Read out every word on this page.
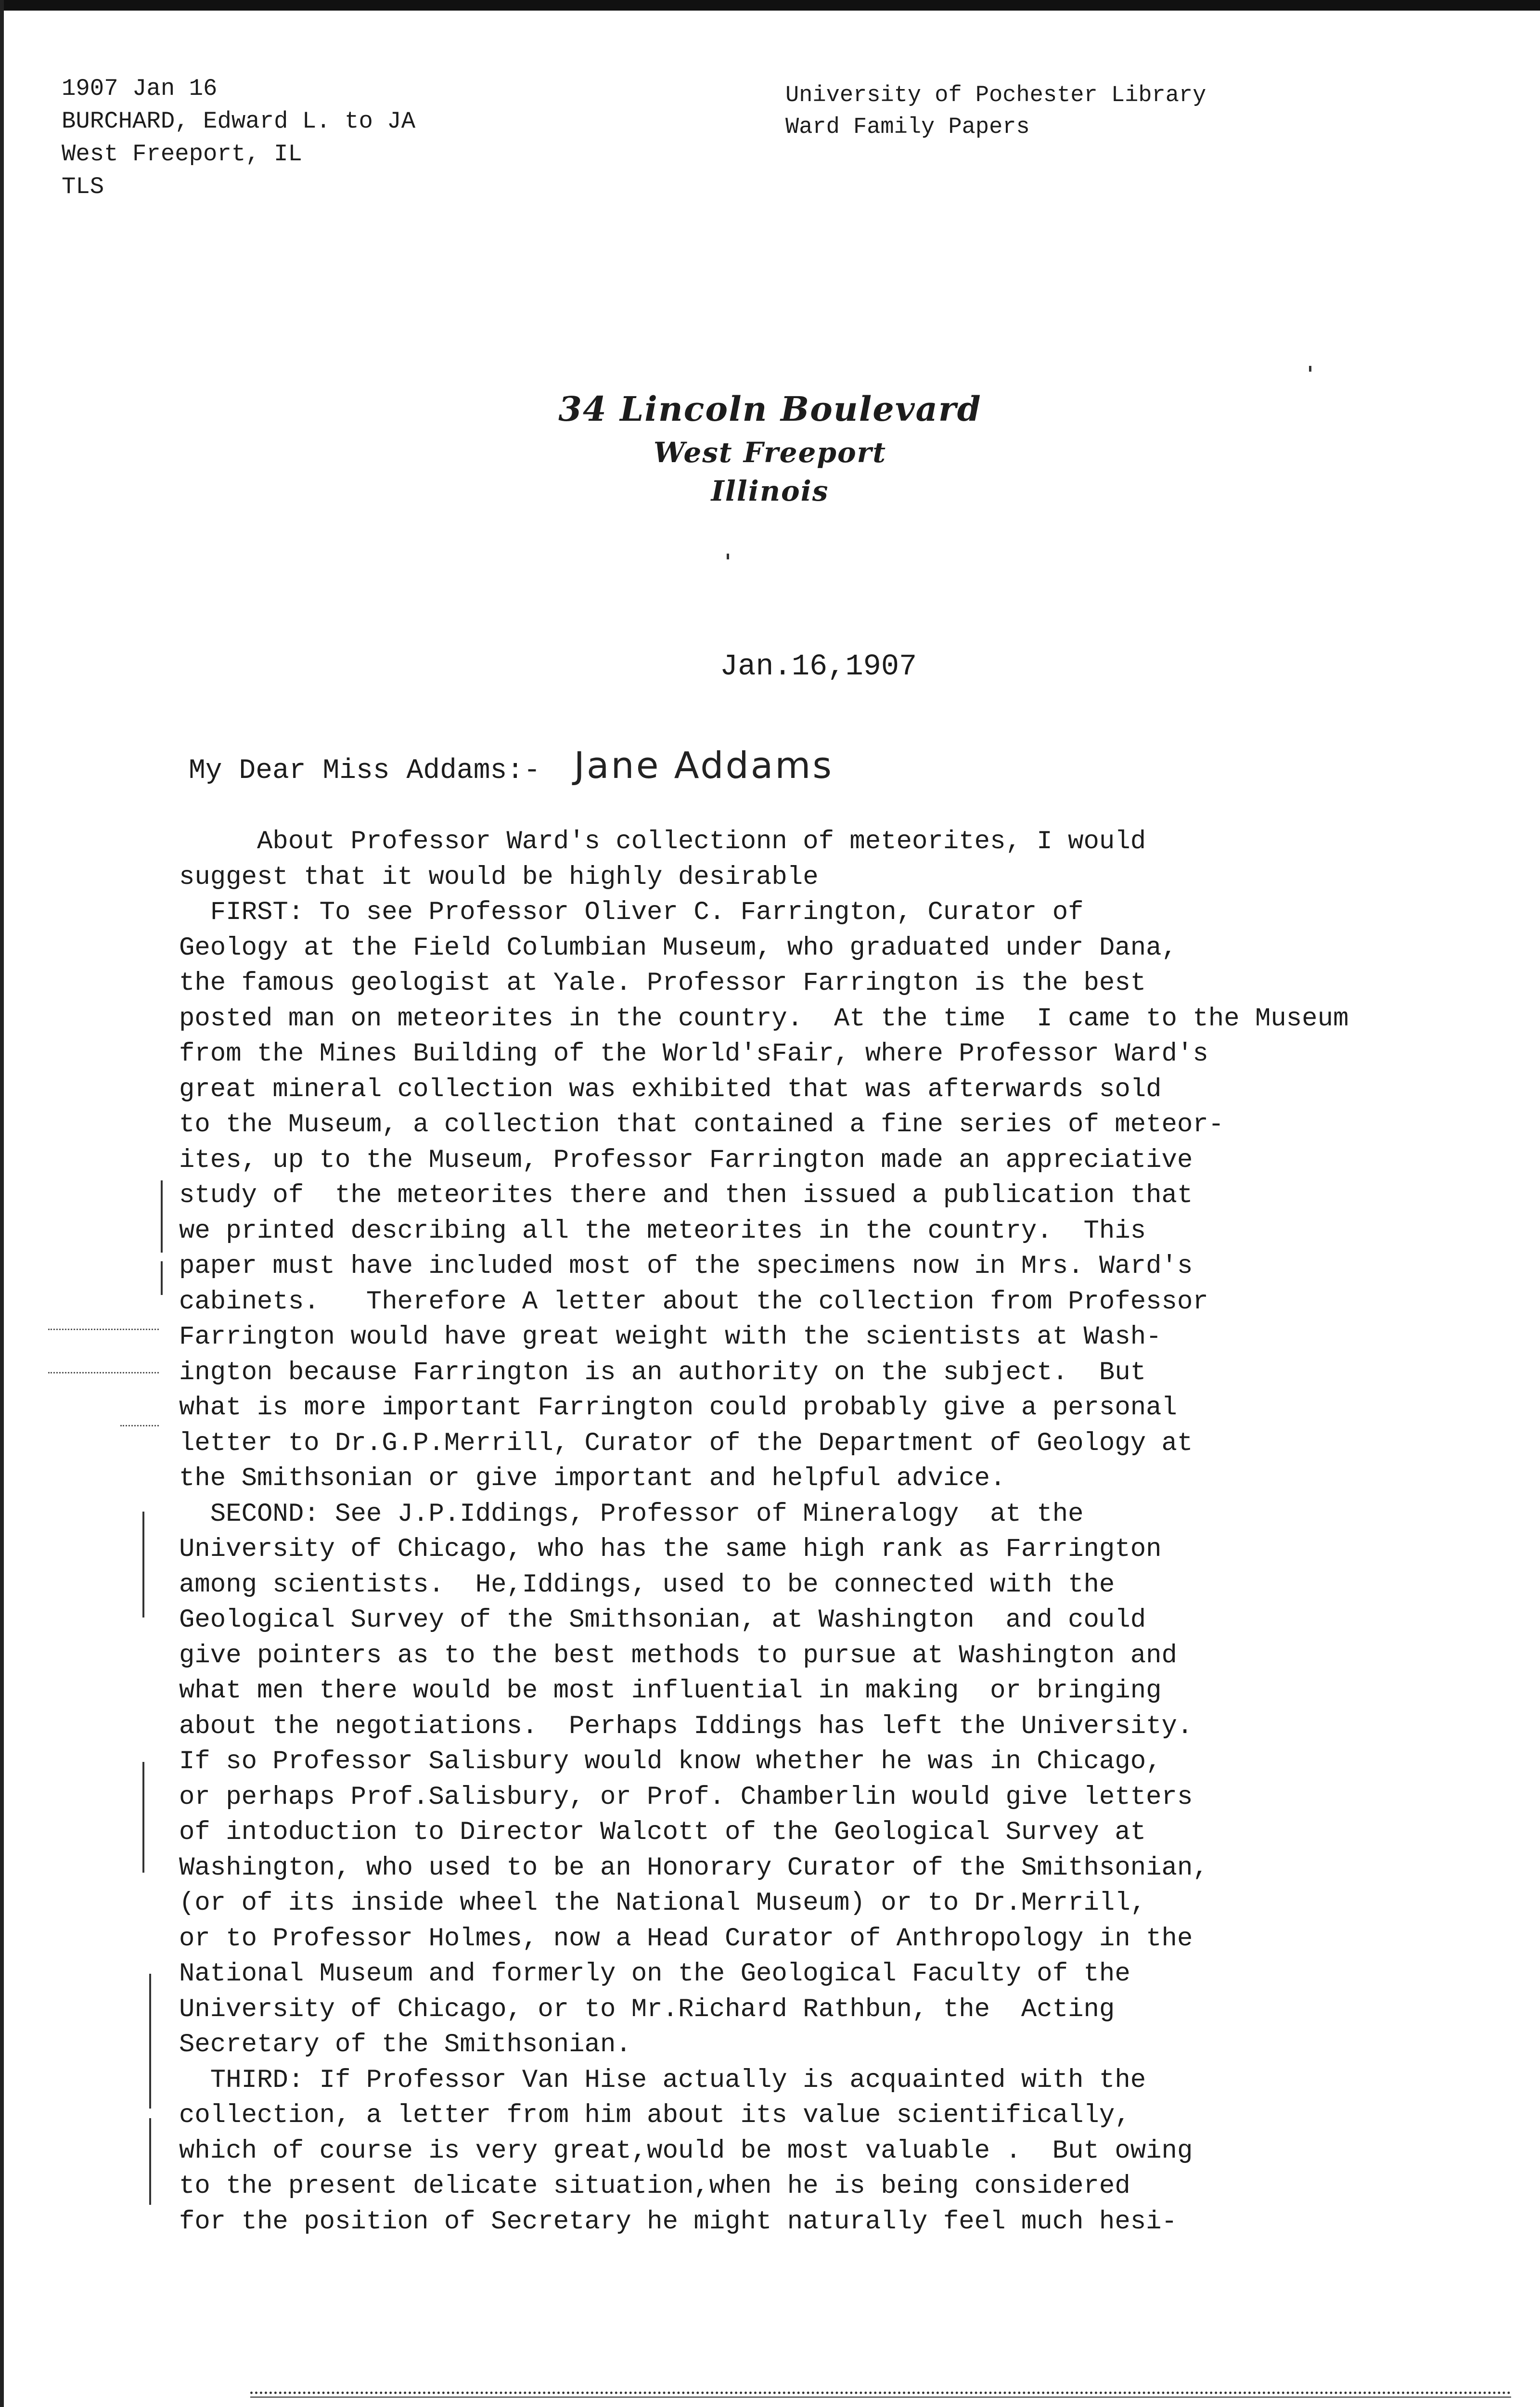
1907 Jan 16
BURCHARD, Edward L. to JA
West Freeport, IL
TLS
University of Pochester Library
Ward Family Papers
34 Lincoln Boulevard
West Freeport
Illinois
Jan.16,1907
My Dear Miss Addams:- Jane Addams
About Professor Ward's collectionn of meteorites, I would
suggest that it would be highly desirable
FIRST: To see Professor Oliver C. Farrington, Curator of
Geology at the Field Columbian Museum, who graduated under Dana,
the famous geologist at Yale. Professor Farrington is the best
posted man on meteorites in the country.  At the time  I came to the Museum
from the Mines Building of the World'sFair, where Professor Ward's
great mineral collection was exhibited that was afterwards sold
to the Museum, a collection that contained a fine series of meteor-
ites, up to the Museum, Professor Farrington made an appreciative
study of  the meteorites there and then issued a publication that
we printed describing all the meteorites in the country.  This
paper must have included most of the specimens now in Mrs. Ward's
cabinets.   Therefore A letter about the collection from Professor
Farrington would have great weight with the scientists at Wash-
ington because Farrington is an authority on the subject.  But
what is more important Farrington could probably give a personal
letter to Dr.G.P.Merrill, Curator of the Department of Geology at
the Smithsonian or give important and helpful advice.
SECOND: See J.P.Iddings, Professor of Mineralogy  at the
University of Chicago, who has the same high rank as Farrington
among scientists.  He,Iddings, used to be connected with the
Geological Survey of the Smithsonian, at Washington  and could
give pointers as to the best methods to pursue at Washington and
what men there would be most influential in making  or bringing
about the negotiations.  Perhaps Iddings has left the University.
If so Professor Salisbury would know whether he was in Chicago,
or perhaps Prof.Salisbury, or Prof. Chamberlin would give letters
of intoduction to Director Walcott of the Geological Survey at
Washington, who used to be an Honorary Curator of the Smithsonian,
(or of its inside wheel the National Museum) or to Dr.Merrill,
or to Professor Holmes, now a Head Curator of Anthropology in the
National Museum and formerly on the Geological Faculty of the
University of Chicago, or to Mr.Richard Rathbun, the  Acting
Secretary of the Smithsonian.
THIRD: If Professor Van Hise actually is acquainted with the
collection, a letter from him about its value scientifically,
which of course is very great,would be most valuable .  But owing
to the present delicate situation,when he is being considered
for the position of Secretary he might naturally feel much hesi-
